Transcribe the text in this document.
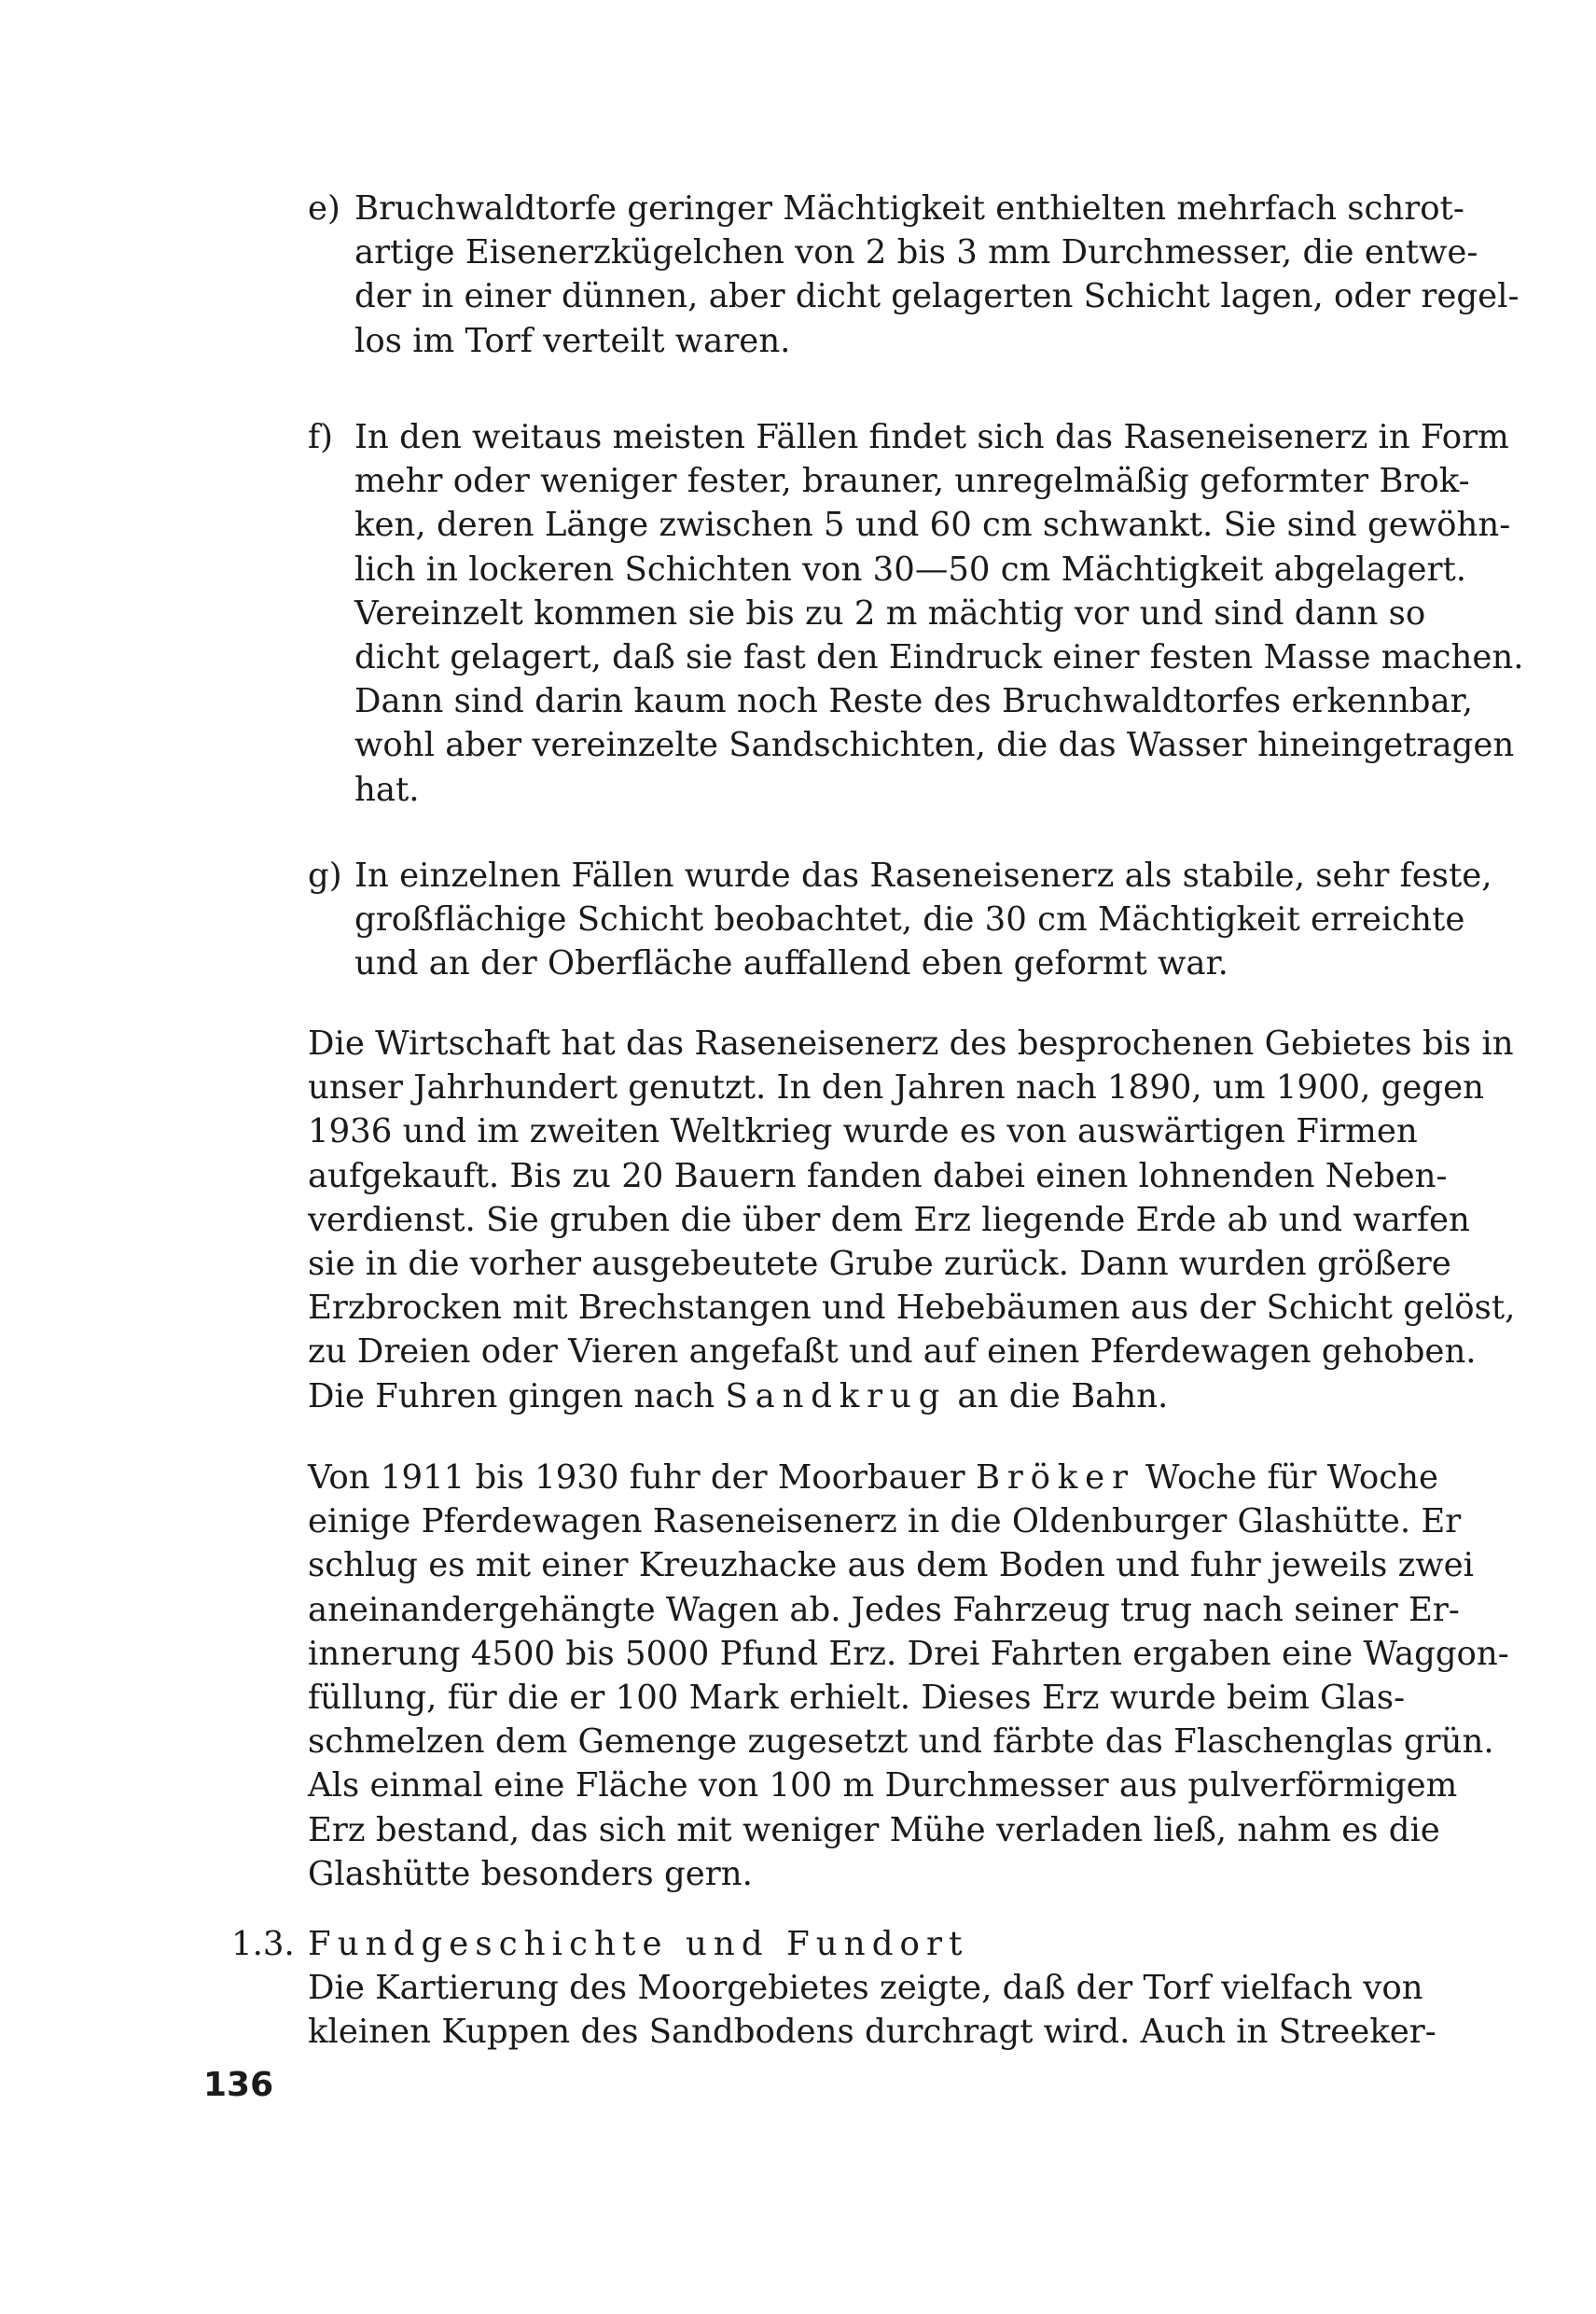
e) Bruchwaldtorfe geringer Mächtigkeit enthielten mehrfach schrot-
artige Eisenerzkügelchen von 2 bis 3 mm Durchmesser, die entwe-
der in einer dünnen, aber dicht gelagerten Schicht lagen, oder regel-
los im Torf verteilt waren.
f) In den weitaus meisten Fällen findet sich das Raseneisenerz in Form
mehr oder weniger fester, brauner, unregelmäßig geformter Brok-
ken, deren Länge zwischen 5 und 60 cm schwankt. Sie sind gewöhn-
lich in lockeren Schichten von 30—50 cm Mächtigkeit abgelagert.
Vereinzelt kommen sie bis zu 2 m mächtig vor und sind dann so
dicht gelagert, daß sie fast den Eindruck einer festen Masse machen.
Dann sind darin kaum noch Reste des Bruchwaldtorfes erkennbar,
wohl aber vereinzelte Sandschichten, die das Wasser hineingetragen
hat.
g) In einzelnen Fällen wurde das Raseneisenerz als stabile, sehr feste,
großflächige Schicht beobachtet, die 30 cm Mächtigkeit erreichte
und an der Oberfläche auffallend eben geformt war.
Die Wirtschaft hat das Raseneisenerz des besprochenen Gebietes bis in
unser Jahrhundert genutzt. In den Jahren nach 1890, um 1900, gegen
1936 und im zweiten Weltkrieg wurde es von auswärtigen Firmen
aufgekauft. Bis zu 20 Bauern fanden dabei einen lohnenden Neben-
verdienst. Sie gruben die über dem Erz liegende Erde ab und warfen
sie in die vorher ausgebeutete Grube zurück. Dann wurden größere
Erzbrocken mit Brechstangen und Hebebäumen aus der Schicht gelöst,
zu Dreien oder Vieren angefaßt und auf einen Pferdewagen gehoben.
Die Fuhren gingen nach Sandkrug an die Bahn.
Von 1911 bis 1930 fuhr der Moorbauer Bröker Woche für Woche
einige Pferdewagen Raseneisenerz in die Oldenburger Glashütte. Er
schlug es mit einer Kreuzhacke aus dem Boden und fuhr jeweils zwei
aneinandergehängte Wagen ab. Jedes Fahrzeug trug nach seiner Er-
innerung 4500 bis 5000 Pfund Erz. Drei Fahrten ergaben eine Waggon-
füllung, für die er 100 Mark erhielt. Dieses Erz wurde beim Glas-
schmelzen dem Gemenge zugesetzt und färbte das Flaschenglas grün.
Als einmal eine Fläche von 100 m Durchmesser aus pulverförmigem
Erz bestand, das sich mit weniger Mühe verladen ließ, nahm es die
Glashütte besonders gern.
1.3. Fundgeschichte und Fundort
Die Kartierung des Moorgebietes zeigte, daß der Torf vielfach von
kleinen Kuppen des Sandbodens durchragt wird. Auch in Streeker-
136
